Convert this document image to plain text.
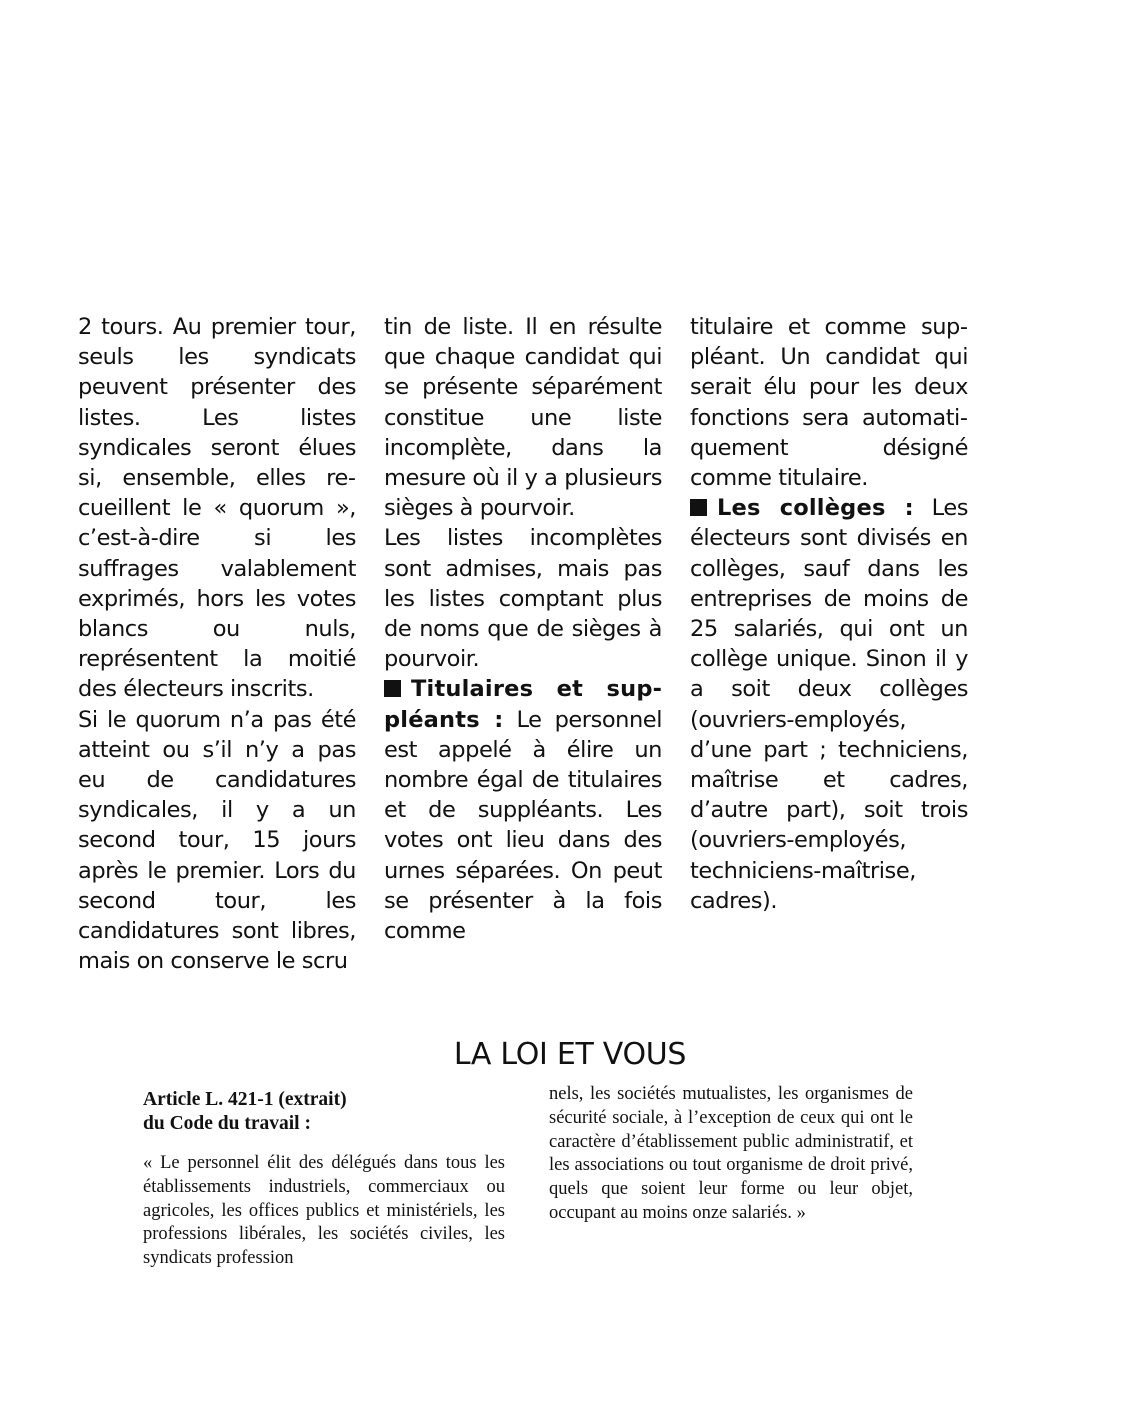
2 tours. Au premier tour, seuls les syndicats peuvent présenter des listes. Les listes syndicales seront élues si, ensemble, elles recueillent le « quorum », c’est-à-dire si les suffrages valablement exprimés, hors les votes blancs ou nuls, représentent la moitié des électeurs inscrits.

Si le quorum n’a pas été atteint ou s’il n’y a pas eu de candidatures syndicales, il y a un second tour, 15 jours après le premier. Lors du second tour, les candidatures sont libres, mais on conserve le scru

tin de liste. Il en résulte que chaque candidat qui se présente séparément constitue une liste incomplète, dans la mesure où il y a plusieurs sièges à pourvoir.

Les listes incomplètes sont admises, mais pas les listes comptant plus de noms que de sièges à pourvoir.

Titulaires et suppléants : Le personnel est appelé à élire un nombre égal de titulaires et de suppléants. Les votes ont lieu dans des urnes séparées. On peut se présenter à la fois comme

titulaire et comme suppléant. Un candidat qui serait élu pour les deux fonctions sera automatiquement désigné comme titulaire.

Les collèges : Les électeurs sont divisés en collèges, sauf dans les entreprises de moins de 25 salariés, qui ont un collège unique. Sinon il y a soit deux collèges (ouvriers-employés, d’une part ; techniciens, maîtrise et cadres, d’autre part), soit trois (ouvriers-employés, techniciens-maîtrise, cadres).

LA LOI ET VOUS
Article L. 421-1 (extrait)
du Code du travail :

« Le personnel élit des délégués dans tous les établissements industriels, commerciaux ou agricoles, les offices publics et ministériels, les professions libérales, les sociétés civiles, les syndicats profession

nels, les sociétés mutualistes, les organismes de sécurité sociale, à l’exception de ceux qui ont le caractère d’établissement public administratif, et les associations ou tout organisme de droit privé, quels que soient leur forme ou leur objet, occupant au moins onze salariés. »
